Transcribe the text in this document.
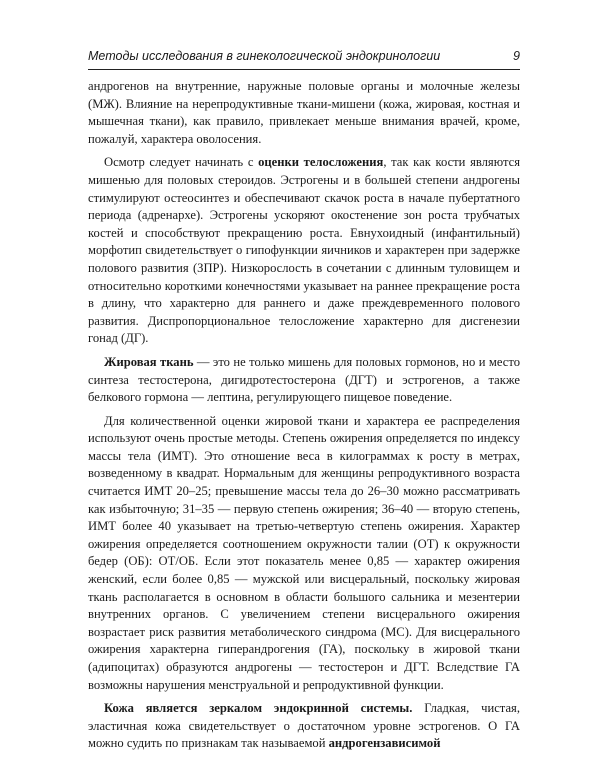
Методы исследования в гинекологической эндокринологии	9

андрогенов на внутренние, наружные половые органы и молочные железы (МЖ). Влияние на нерепродуктивные ткани-мишени (кожа, жировая, костная и мышечная ткани), как правило, привлекает меньше внимания врачей, кроме, пожалуй, характера оволосения.

Осмотр следует начинать с оценки телосложения, так как кости являются мишенью для половых стероидов. Эстрогены и в большей степени андрогены стимулируют остеосинтез и обеспечивают скачок роста в начале пубертатного периода (адренархе). Эстрогены ускоряют окостенение зон роста трубчатых костей и способствуют прекращению роста. Евнухоидный (инфантильный) морфотип свидетельствует о гипофункции яичников и характерен при задержке полового развития (ЗПР). Низкорослость в сочетании с длинным туловищем и относительно короткими конечностями указывает на раннее прекращение роста в длину, что характерно для раннего и даже преждевременного полового развития. Диспропорциональное телосложение характерно для дисгенезии гонад (ДГ).

Жировая ткань — это не только мишень для половых гормонов, но и место синтеза тестостерона, дигидротестостерона (ДГТ) и эстрогенов, а также белкового гормона — лептина, регулирующего пищевое поведение.

Для количественной оценки жировой ткани и характера ее распределения используют очень простые методы. Степень ожирения определяется по индексу массы тела (ИМТ). Это отношение веса в килограммах к росту в метрах, возведенному в квадрат. Нормальным для женщины репродуктивного возраста считается ИМТ 20–25; превышение массы тела до 26–30 можно рассматривать как избыточную; 31–35 — первую степень ожирения; 36–40 — вторую степень, ИМТ более 40 указывает на третью-четвертую степень ожирения. Характер ожирения определяется соотношением окружности талии (ОТ) к окружности бедер (ОБ): ОТ/ОБ. Если этот показатель менее 0,85 — характер ожирения женский, если более 0,85 — мужской или висцеральный, поскольку жировая ткань располагается в основном в области большого сальника и мезентерии внутренних органов. С увеличением степени висцерального ожирения возрастает риск развития метаболического синдрома (МС). Для висцерального ожирения характерна гиперандрогения (ГА), поскольку в жировой ткани (адипоцитах) образуются андрогены — тестостерон и ДГТ. Вследствие ГА возможны нарушения менструальной и репродуктивной функции.

Кожа является зеркалом эндокринной системы. Гладкая, чистая, эластичная кожа свидетельствует о достаточном уровне эстрогенов. О ГА можно судить по признакам так называемой андрогензависимой
